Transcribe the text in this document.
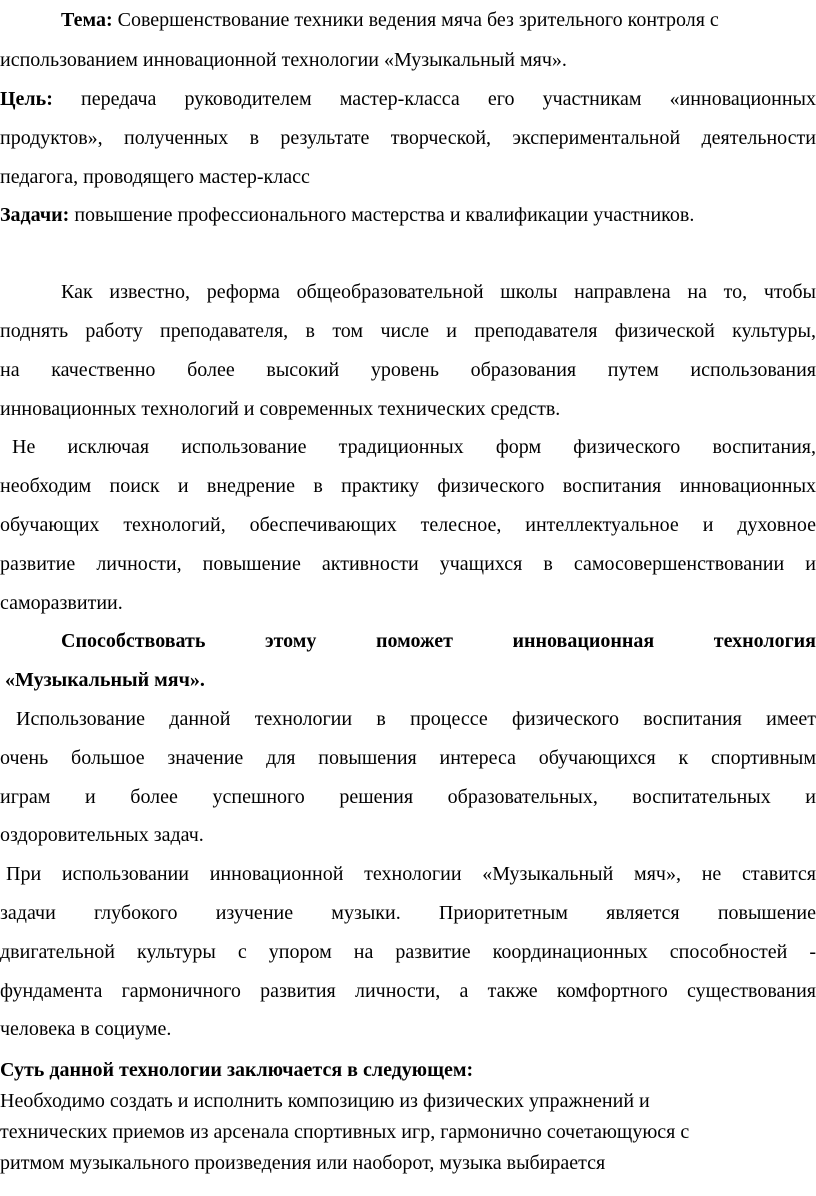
Тема: Совершенствование техники ведения мяча без зрительного контроля с
использованием инновационной технологии «Музыкальный мяч».
Цель: передача руководителем мастер-класса его участникам «инновационных
продуктов», полученных в результате творческой, экспериментальной деятельности
педагога, проводящего мастер-класс
Задачи: повышение профессионального мастерства и квалификации участников.
Как известно, реформа общеобразовательной школы направлена на то, чтобы
поднять работу преподавателя, в том числе и преподавателя физической культуры,
на качественно более высокий уровень образования путем использования
инновационных технологий и современных технических средств.
Не исключая использование традиционных форм физического воспитания,
необходим поиск и внедрение в практику физического воспитания инновационных
обучающих технологий, обеспечивающих телесное, интеллектуальное и духовное
развитие личности, повышение активности учащихся в самосовершенствовании и
саморазвитии.
Способствовать этому поможет инновационная технология
«Музыкальный мяч».
Использование данной технологии в процессе физического воспитания имеет
очень большое значение для повышения интереса обучающихся к спортивным
играм и более успешного решения образовательных, воспитательных и
оздоровительных задач.
При использовании инновационной технологии «Музыкальный мяч», не ставится
задачи глубокого изучение музыки. Приоритетным является повышение
двигательной культуры с упором на развитие координационных способностей -
фундамента гармоничного развития личности, а также комфортного существования
человека в социуме.
Суть данной технологии заключается в следующем:
Необходимо создать и исполнить композицию из физических упражнений и
технических приемов из арсенала спортивных игр, гармонично сочетающуюся с
ритмом музыкального произведения или наоборот, музыка выбирается
